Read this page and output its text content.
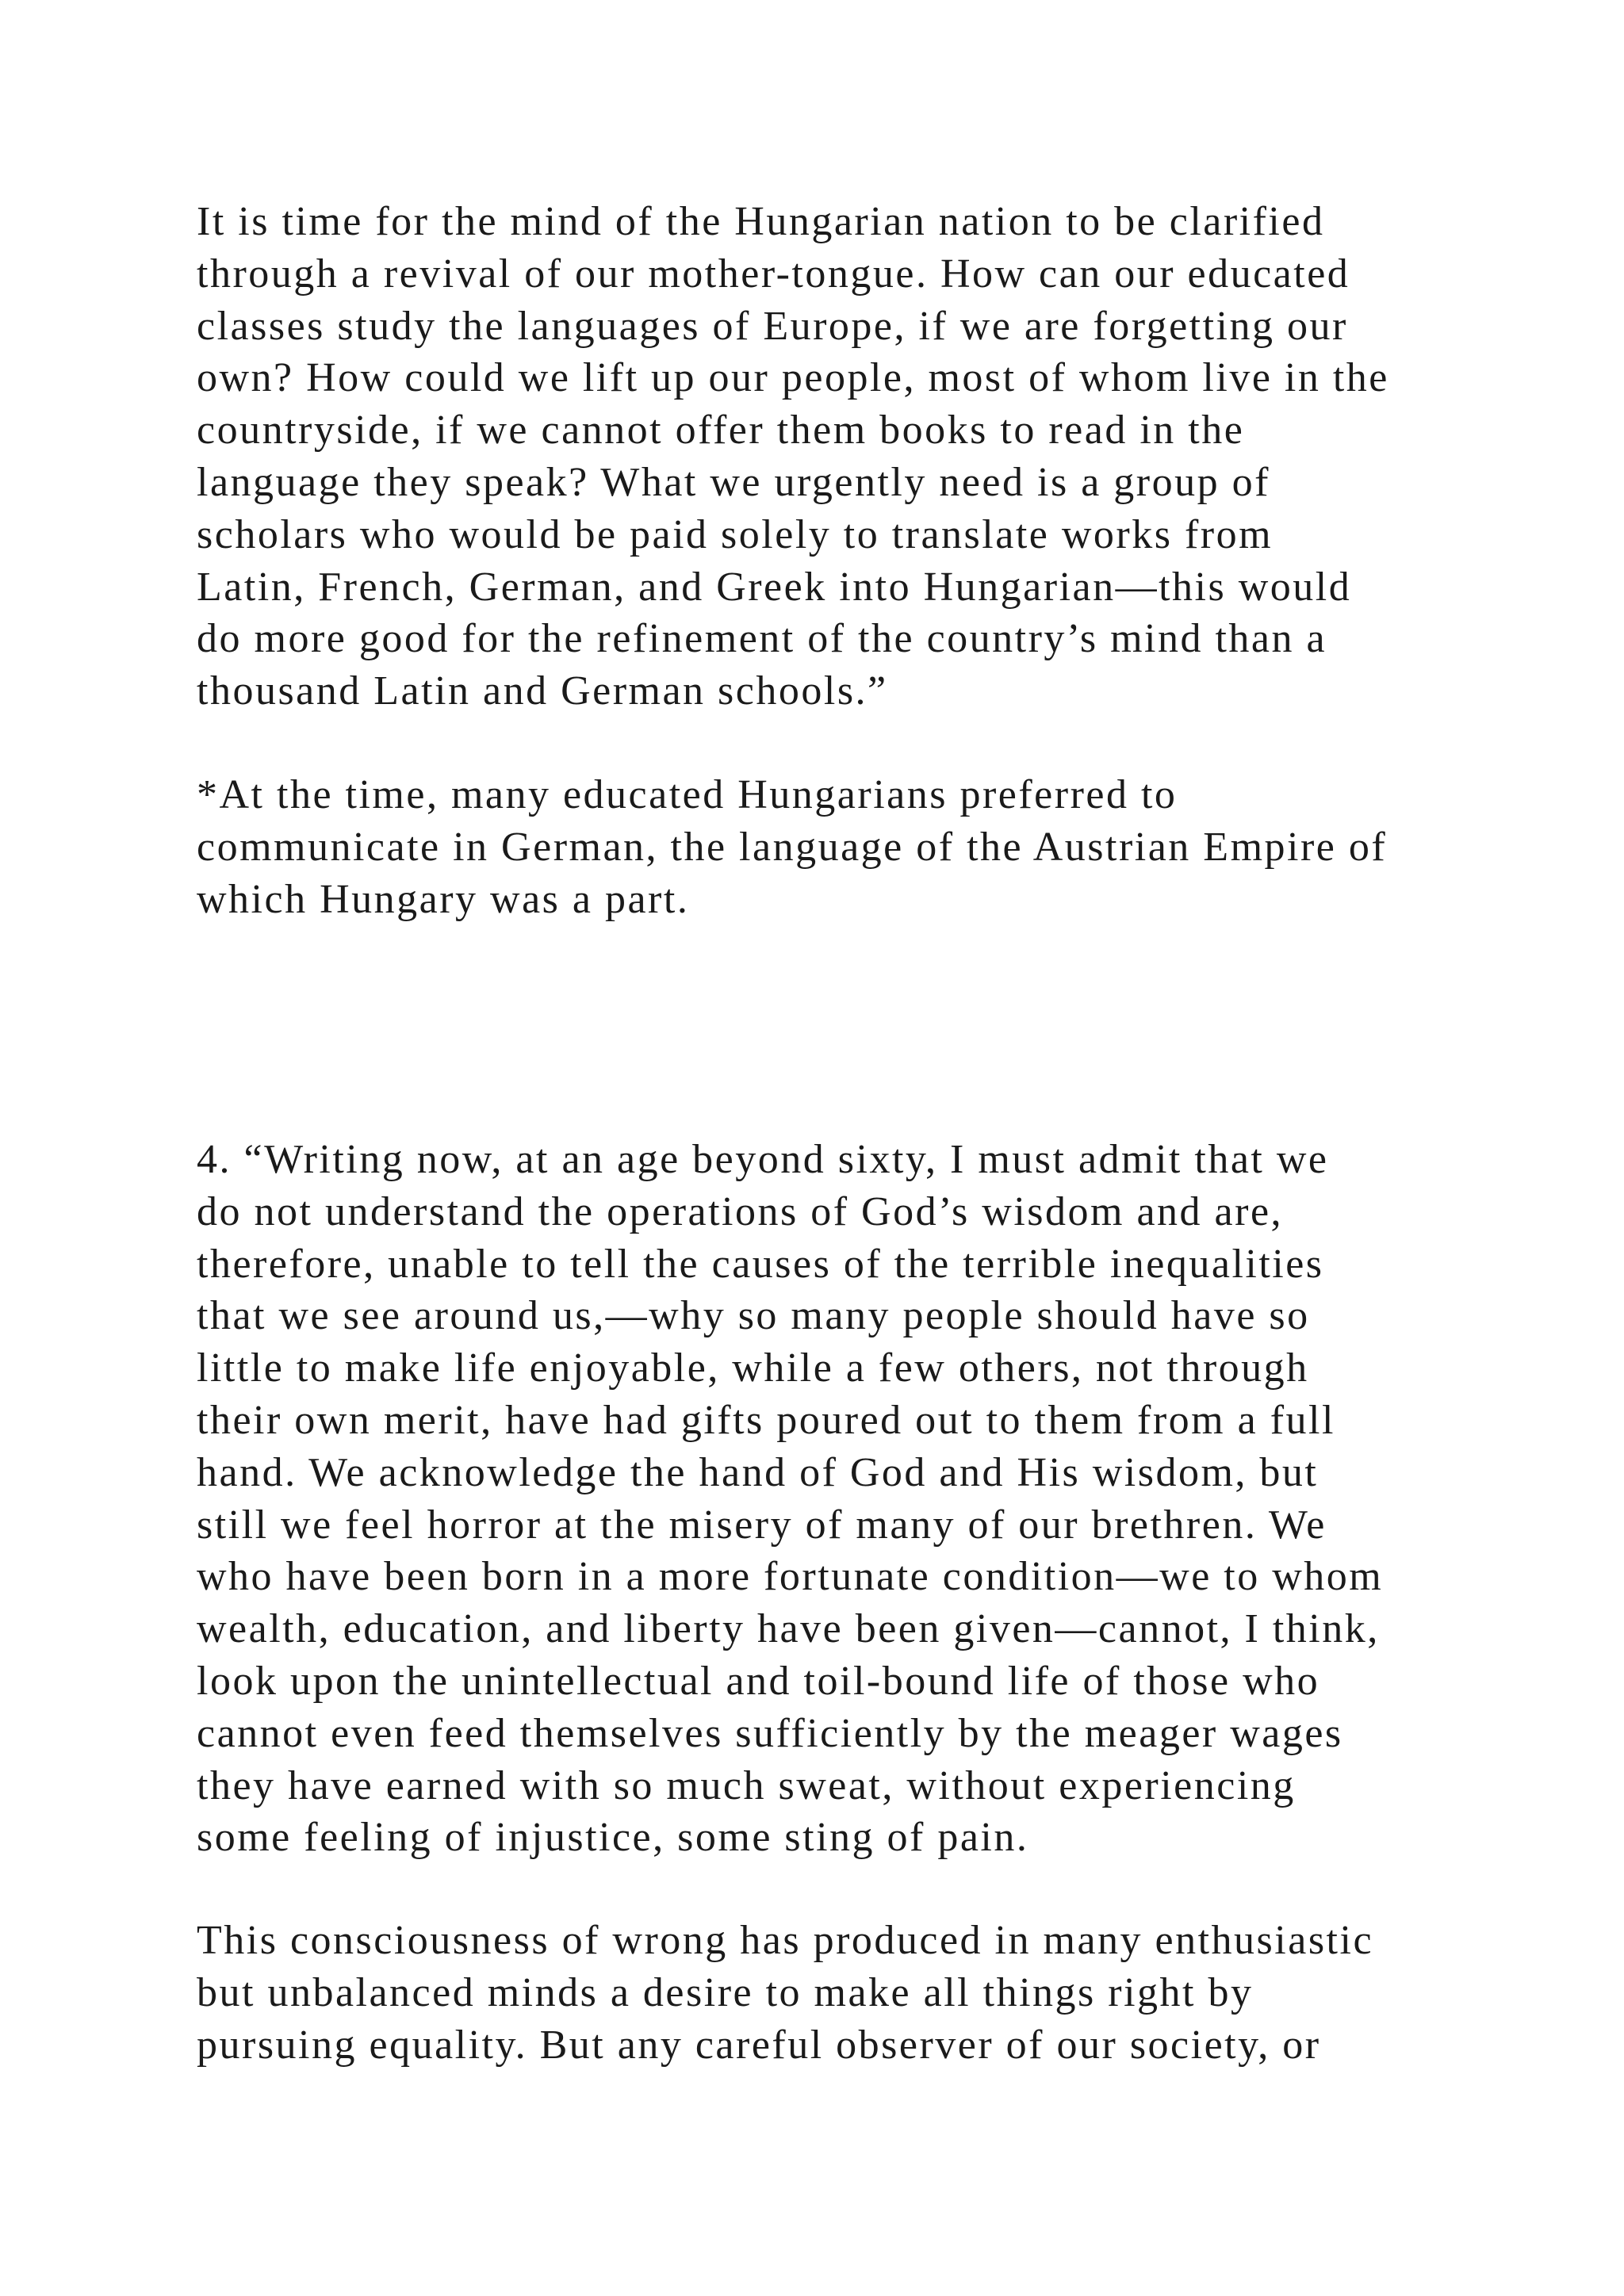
It is time for the mind of the Hungarian nation to be clarified
through a revival of our mother-tongue. How can our educated
classes study the languages of Europe, if we are forgetting our
own? How could we lift up our people, most of whom live in the
countryside, if we cannot offer them books to read in the
language they speak? What we urgently need is a group of
scholars who would be paid solely to translate works from
Latin, French, German, and Greek into Hungarian—this would
do more good for the refinement of the country’s mind than a
thousand Latin and German schools.”
*At the time, many educated Hungarians preferred to
communicate in German, the language of the Austrian Empire of
which Hungary was a part.
4. “Writing now, at an age beyond sixty, I must admit that we
do not understand the operations of God’s wisdom and are,
therefore, unable to tell the causes of the terrible inequalities
that we see around us,—why so many people should have so
little to make life enjoyable, while a few others, not through
their own merit, have had gifts poured out to them from a full
hand. We acknowledge the hand of God and His wisdom, but
still we feel horror at the misery of many of our brethren. We
who have been born in a more fortunate condition—we to whom
wealth, education, and liberty have been given—cannot, I think,
look upon the unintellectual and toil-bound life of those who
cannot even feed themselves sufficiently by the meager wages
they have earned with so much sweat, without experiencing
some feeling of injustice, some sting of pain.
This consciousness of wrong has produced in many enthusiastic
but unbalanced minds a desire to make all things right by
pursuing equality. But any careful observer of our society, or
